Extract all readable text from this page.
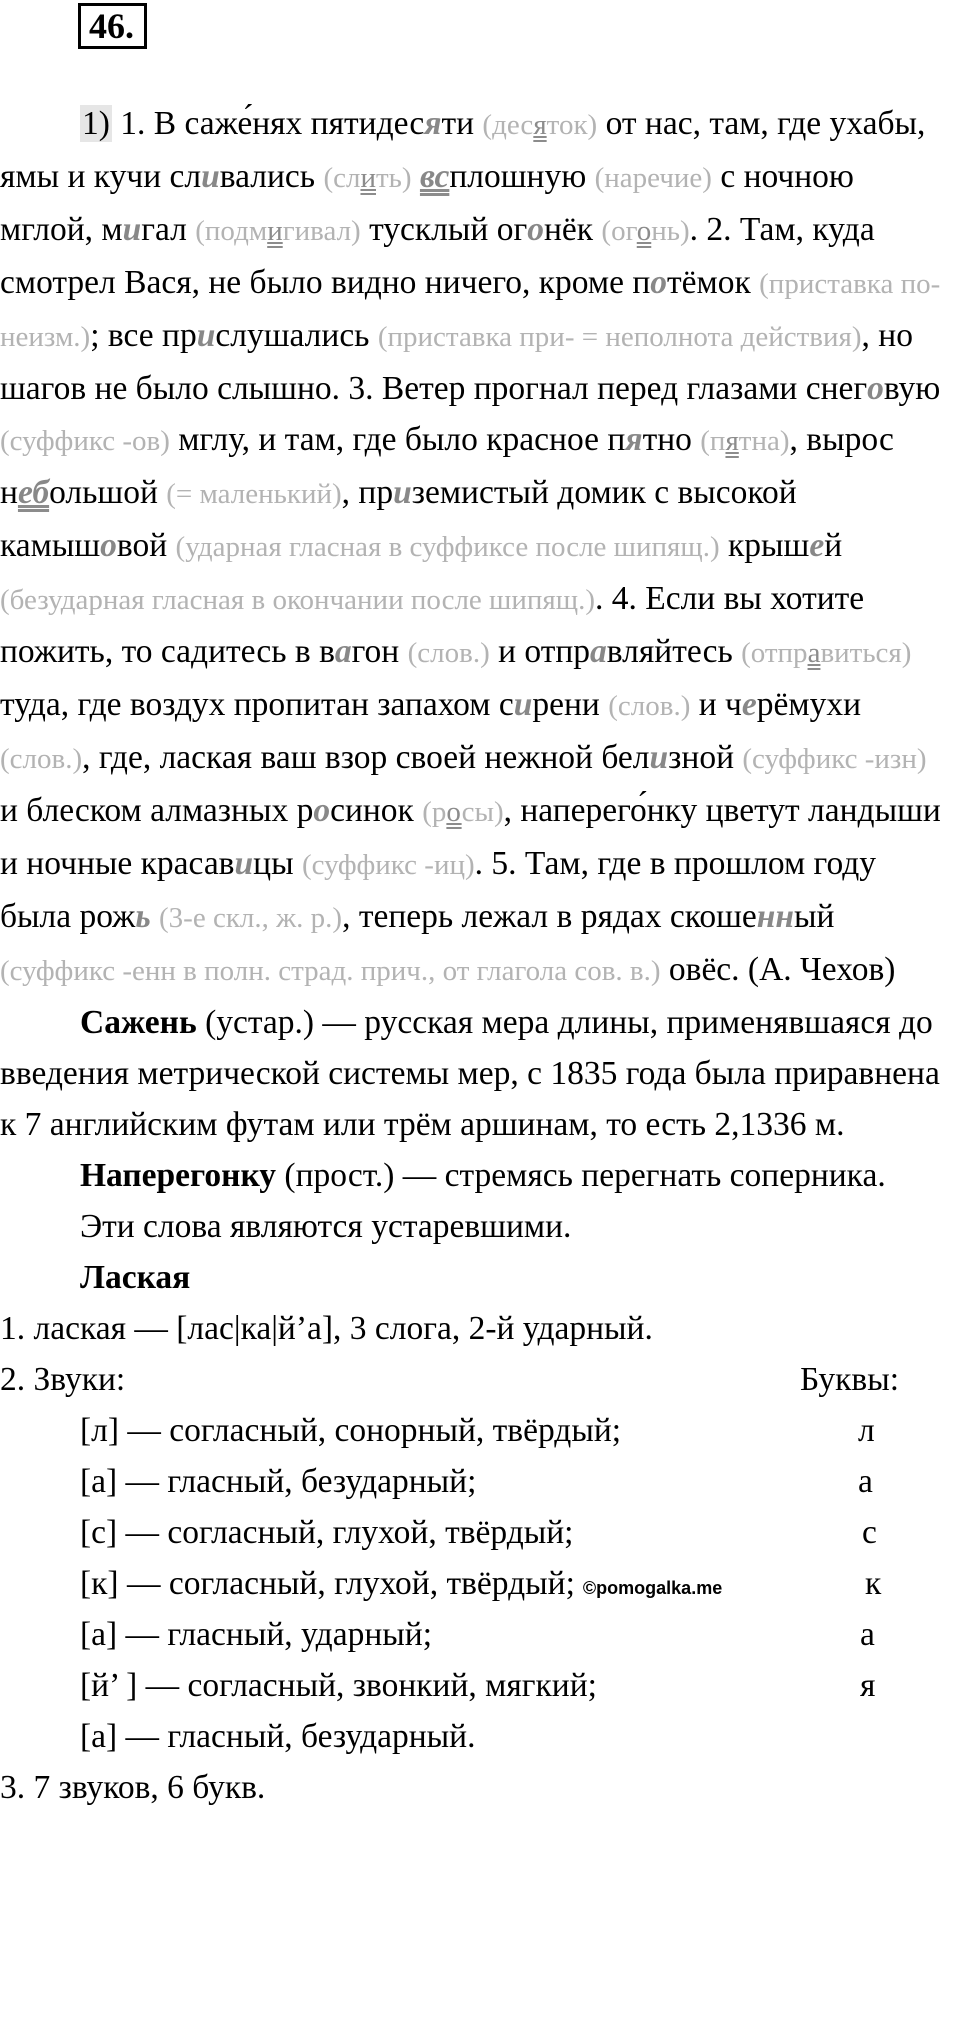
46.

1) 1. В саже́нях пятидесяти (десяток) от нас, там, где ухабы, ямы и кучи сливались (слить) всплошную (наречие) с ночною мглой, мигал (подмигивал) тусклый огонёк (огонь). 2. Там, куда смотрел Вася, не было видно ничего, кроме потёмок (приставка по- неизм.); все прислушались (приставка при- = неполнота действия), но шагов не было слышно. 3. Ветер прогнал перед глазами снеговую (суффикс -ов) мглу, и там, где было красное пятно (пятна), вырос небольшой (= маленький), приземистый домик с высокой камышовой (ударная гласная в суффиксе после шипящ.) крышей (безударная гласная в окончании после шипящ.). 4. Если вы хотите пожить, то садитесь в вагон (слов.) и отправляйтесь (отправиться) туда, где воздух пропитан запахом сирени (слов.) и черёмухи (слов.), где, лаская ваш взор своей нежной белизной (суффикс -изн) и блеском алмазных росинок (росы), наперего́нку цветут ландыши и ночные красавицы (суффикс -иц). 5. Там, где в прошлом году была рожь (3-е скл., ж. р.), теперь лежал в рядах скошенный (суффикс -енн в полн. страд. прич., от глагола сов. в.) овёс. (А. Чехов)

Сажень (устар.) — русская мера длины, применявшаяся до введения метрической системы мер, с 1835 года была приравнена к 7 английским футам или трём аршинам, то есть 2,1336 м.

Наперегонку (прост.) — стремясь перегнать соперника.

Эти слова являются устаревшими.

Лаская

1. лаская — [лас|ка|й’а], 3 слога, 2-й ударный.

2. Звуки:	Буквы:
[л] — согласный, сонорный, твёрдый;	л
[а] — гласный, безударный;	а
[с] — согласный, глухой, твёрдый;	с
[к] — согласный, глухой, твёрдый; ©pomogalka.me	к
[а] — гласный, ударный;	а
[й’ ] — согласный, звонкий, мягкий;	я
[а] — гласный, безударный.

3. 7 звуков, 6 букв.
